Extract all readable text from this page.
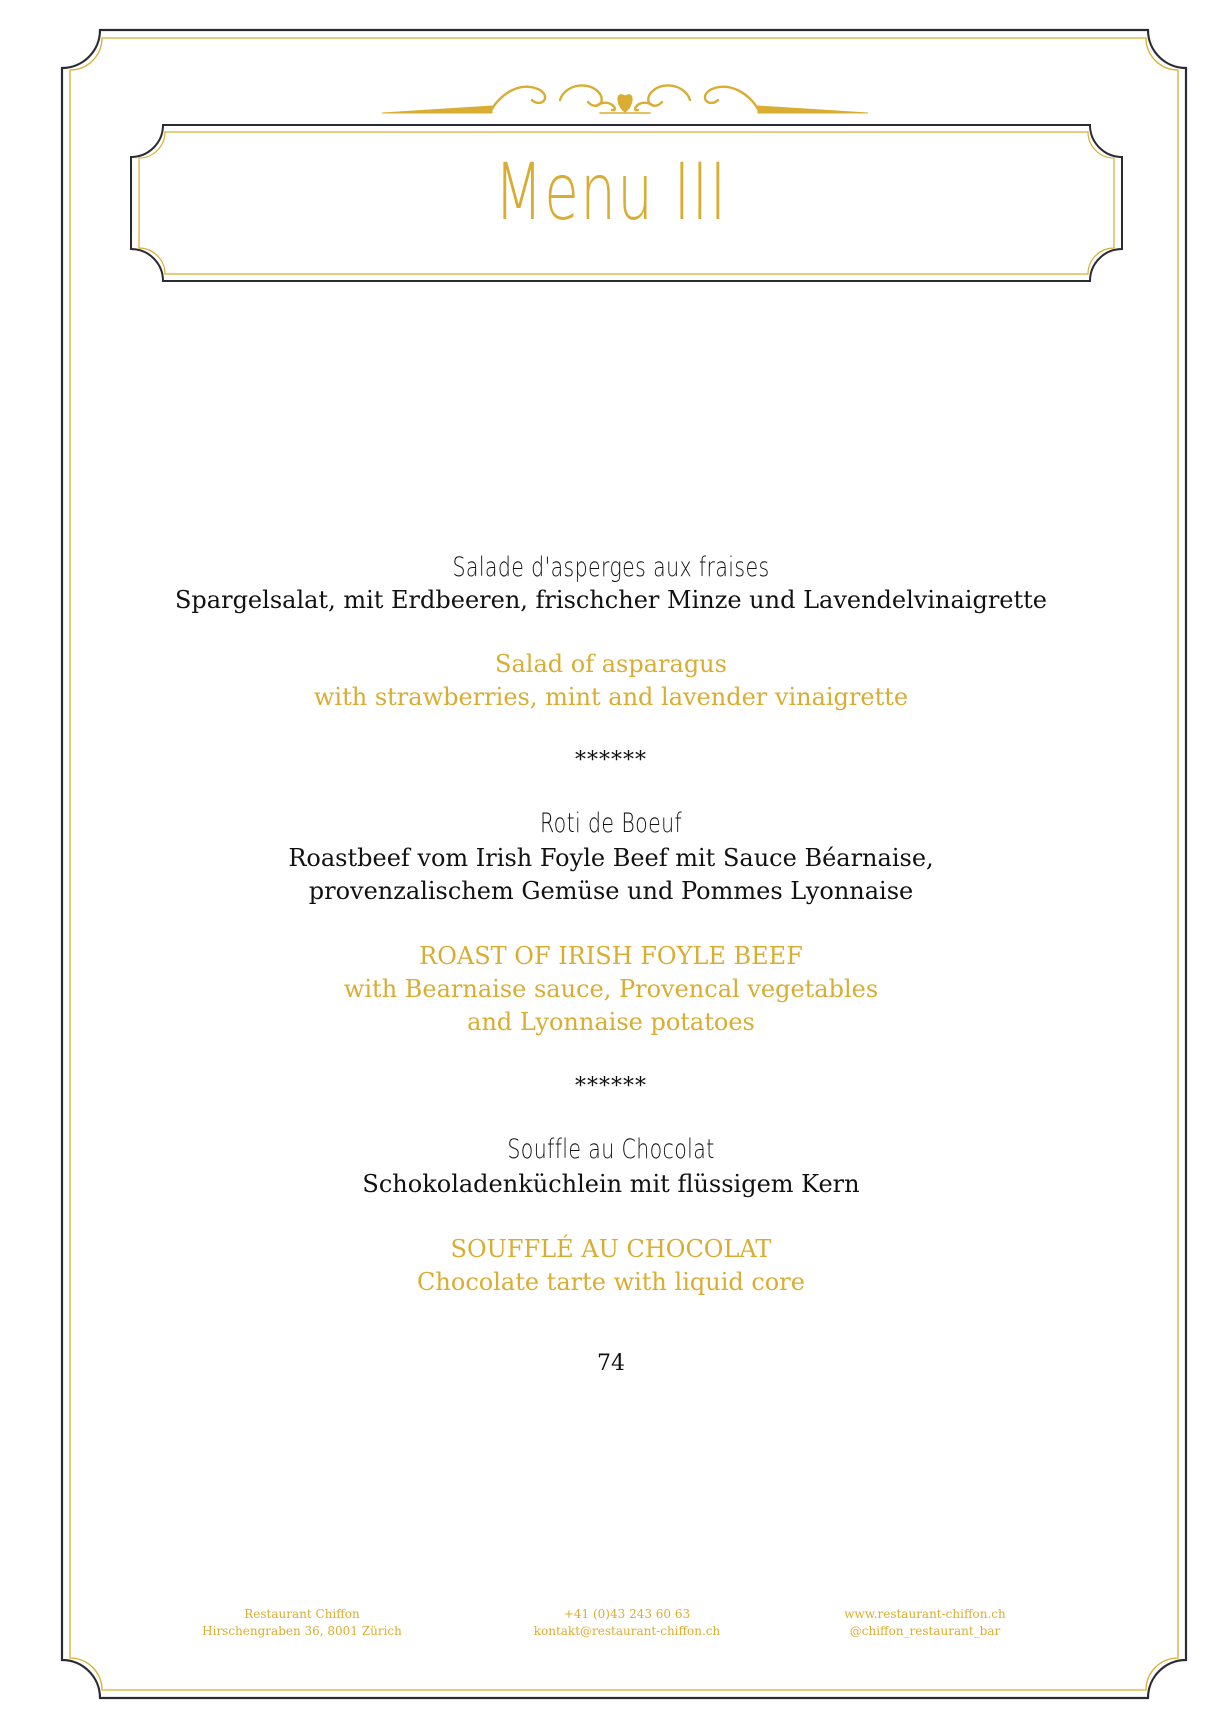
Menu III
Salade d'asperges aux fraises
Spargelsalat, mit Erdbeeren, frischcher Minze und Lavendelvinaigrette
Salad of asparagus
with strawberries, mint and lavender vinaigrette
******
Roti de Boeuf
Roastbeef vom Irish Foyle Beef mit Sauce Béarnaise,
provenzalischem Gemüse und Pommes Lyonnaise
ROAST OF IRISH FOYLE BEEF
with Bearnaise sauce, Provencal vegetables
and Lyonnaise potatoes
******
Souffle au Chocolat
Schokoladenküchlein mit flüssigem Kern
SOUFFLÉ AU CHOCOLAT
Chocolate tarte with liquid core
74
Restaurant Chiffon
Hirschengraben 36, 8001 Zürich
+41 (0)43 243 60 63
kontakt@restaurant-chiffon.ch
www.restaurant-chiffon.ch
@chiffon_restaurant_bar
